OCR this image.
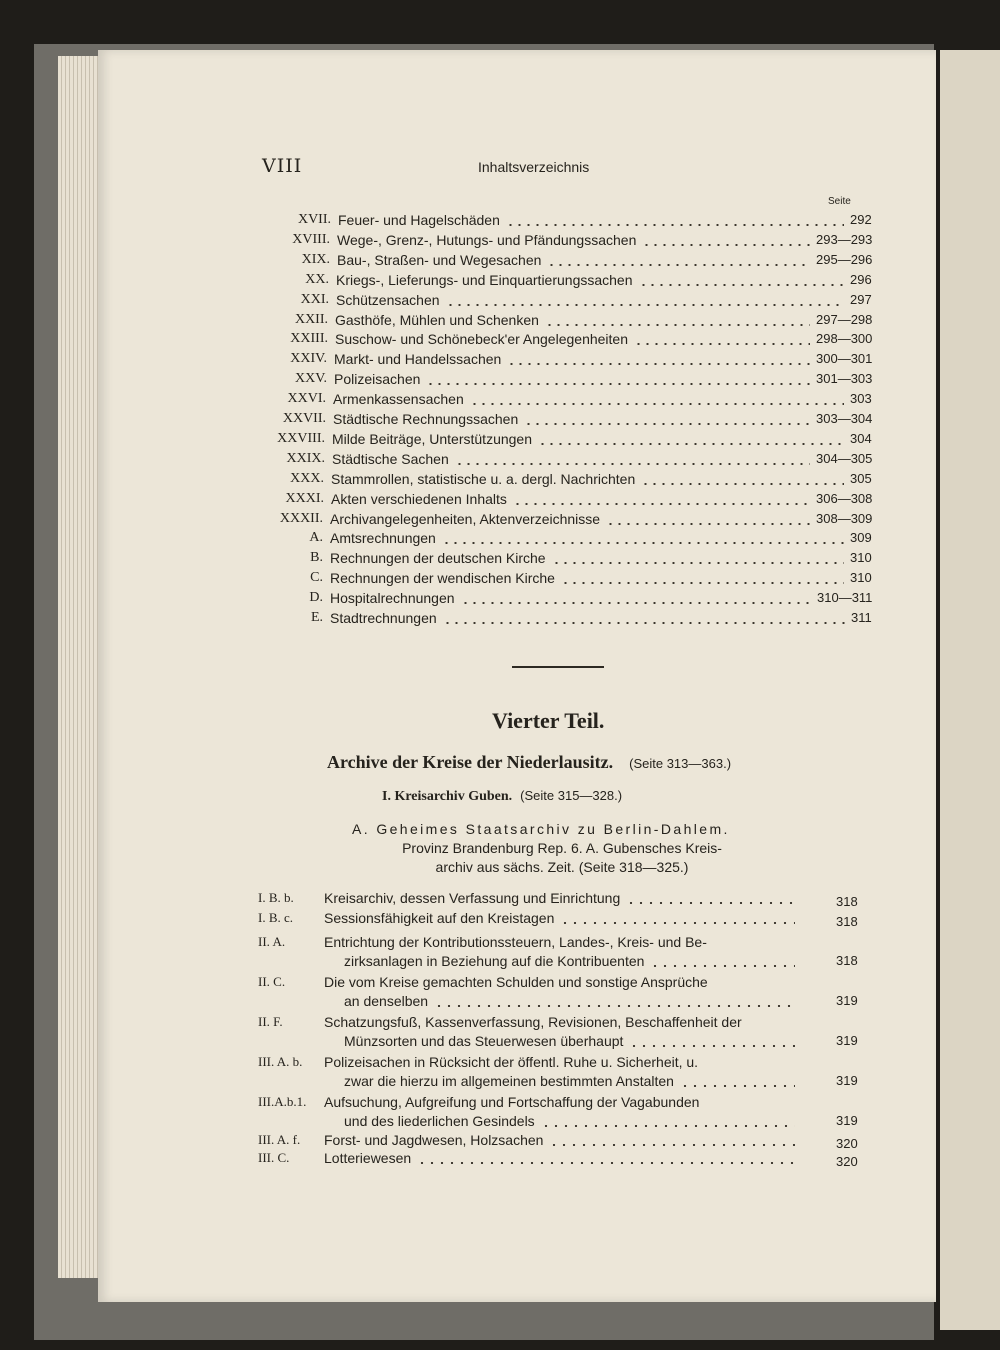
VIII	Inhaltsverzeichnis
Seite
XVII. Feuer- und Hagelschäden	292
XVIII. Wege-, Grenz-, Hutungs- und Pfändungssachen	293—293
XIX. Bau-, Straßen- und Wegesachen	295—296
XX. Kriegs-, Lieferungs- und Einquartierungssachen	296
XXI. Schützensachen	297
XXII. Gasthöfe, Mühlen und Schenken	297—298
XXIII. Suschow- und Schönebeck'er Angelegenheiten	298—300
XXIV. Markt- und Handelssachen	300—301
XXV. Polizeisachen	301—303
XXVI. Armenkassensachen	303
XXVII. Städtische Rechnungssachen	303—304
XXVIII. Milde Beiträge, Unterstützungen	304
XXIX. Städtische Sachen	304—305
XXX. Stammrollen, statistische u. a. dergl. Nachrichten	305
XXXI. Akten verschiedenen Inhalts	306—308
XXXII. Archivangelegenheiten, Aktenverzeichnisse	308—309
A. Amtsrechnungen	309
B. Rechnungen der deutschen Kirche	310
C. Rechnungen der wendischen Kirche	310
D. Hospitalrechnungen	310—311
E. Stadtrechnungen	311
Vierter Teil.
Archive der Kreise der Niederlausitz. (Seite 313—363.)
I. Kreisarchiv Guben. (Seite 315—328.)
A. Geheimes Staatsarchiv zu Berlin-Dahlem.
Provinz Brandenburg Rep. 6. A. Gubensches Kreis-
archiv aus sächs. Zeit. (Seite 318—325.)
I. B. b. Kreisarchiv, dessen Verfassung und Einrichtung	318
I. B. c. Sessionsfähigkeit auf den Kreistagen	318
II. A.	Entrichtung der Kontributionssteuern, Landes-, Kreis- und Be-
zirksanlagen in Beziehung auf die Kontribuenten	318
II. C.	Die vom Kreise gemachten Schulden und sonstige Ansprüche
an denselben	319
II. F.	Schatzungsfuß, Kassenverfassung, Revisionen, Beschaffenheit der
Münzsorten und das Steuerwesen überhaupt	319
III. A. b. Polizeisachen in Rücksicht der öffentl. Ruhe u. Sicherheit, u.
zwar die hierzu im allgemeinen bestimmten Anstalten	319
III.A.b.1. Aufsuchung, Aufgreifung und Fortschaffung der Vagabunden
und des liederlichen Gesindels	319
III. A. f. Forst- und Jagdwesen, Holzsachen	320
III. C. Lotteriewesen	320
